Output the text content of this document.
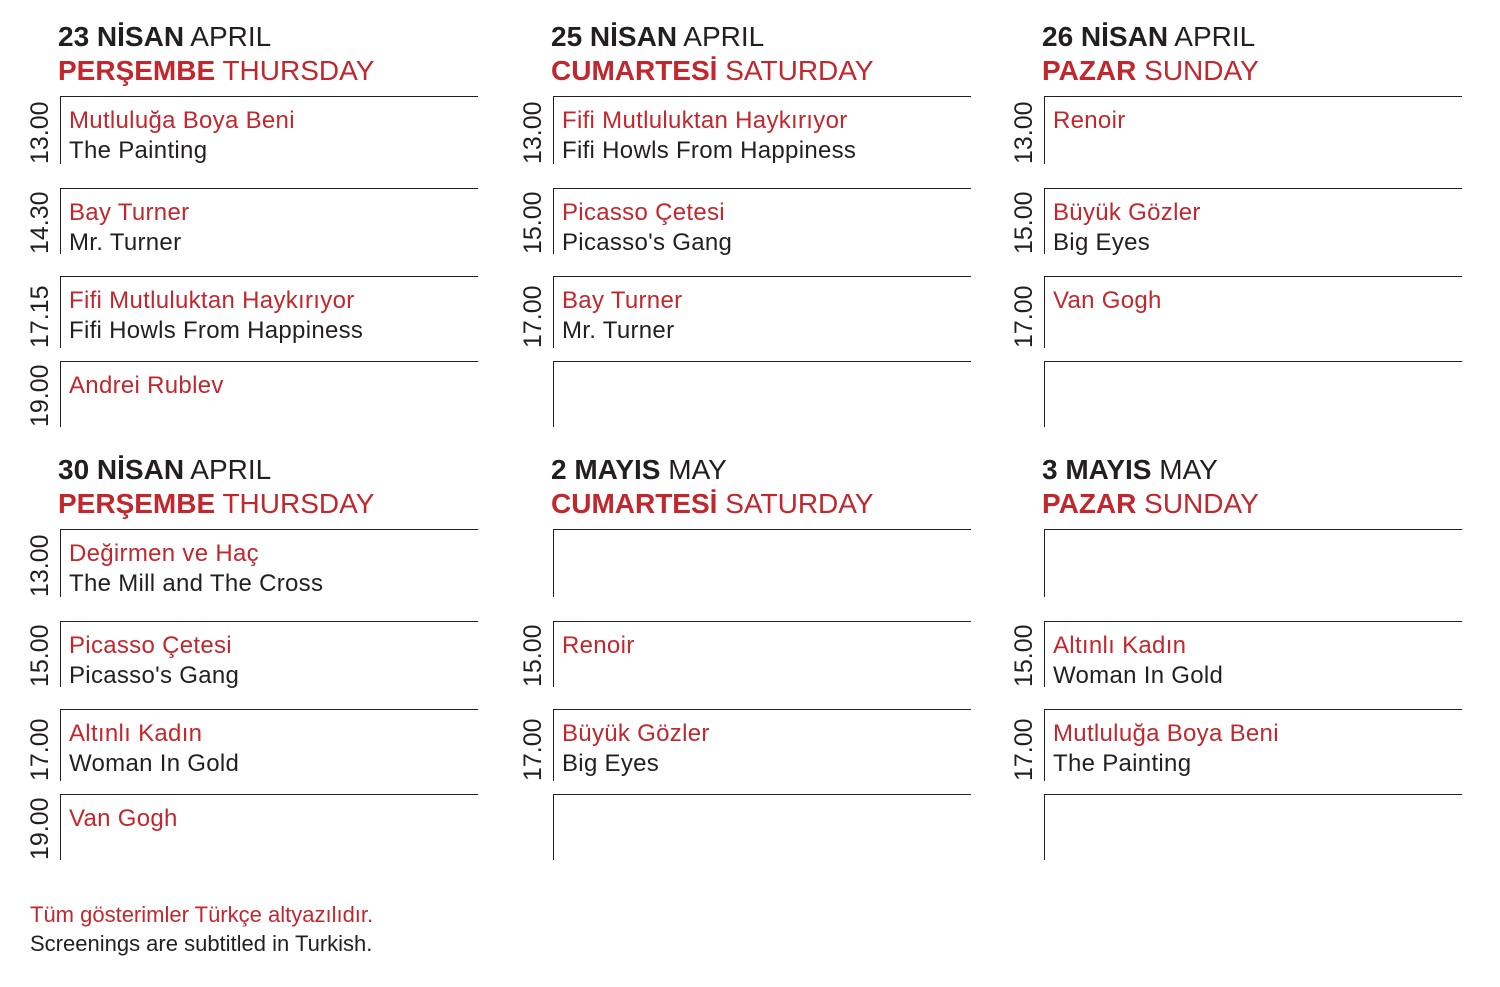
23 NİSAN APRIL
PERŞEMBE THURSDAY
13.00 Mutluluğa Boya Beni
The Painting
14.30 Bay Turner
Mr. Turner
17.15 Fifi Mutluluktan Haykırıyor
Fifi Howls From Happiness
19.00 Andrei Rublev
25 NİSAN APRIL
CUMARTESİ SATURDAY
13.00 Fifi Mutluluktan Haykırıyor
Fifi Howls From Happiness
15.00 Picasso Çetesi
Picasso's Gang
17.00 Bay Turner
Mr. Turner
26 NİSAN APRIL
PAZAR SUNDAY
13.00 Renoir
15.00 Büyük Gözler
Big Eyes
17.00 Van Gogh
30 NİSAN APRIL
PERŞEMBE THURSDAY
13.00 Değirmen ve Haç
The Mill and The Cross
15.00 Picasso Çetesi
Picasso's Gang
17.00 Altınlı Kadın
Woman In Gold
19.00 Van Gogh
2 MAYIS MAY
CUMARTESİ SATURDAY
15.00 Renoir
17.00 Büyük Gözler
Big Eyes
3 MAYIS MAY
PAZAR SUNDAY
15.00 Altınlı Kadın
Woman In Gold
17.00 Mutluluğa Boya Beni
The Painting
Tüm gösterimler Türkçe altyazılıdır.
Screenings are subtitled in Turkish.
